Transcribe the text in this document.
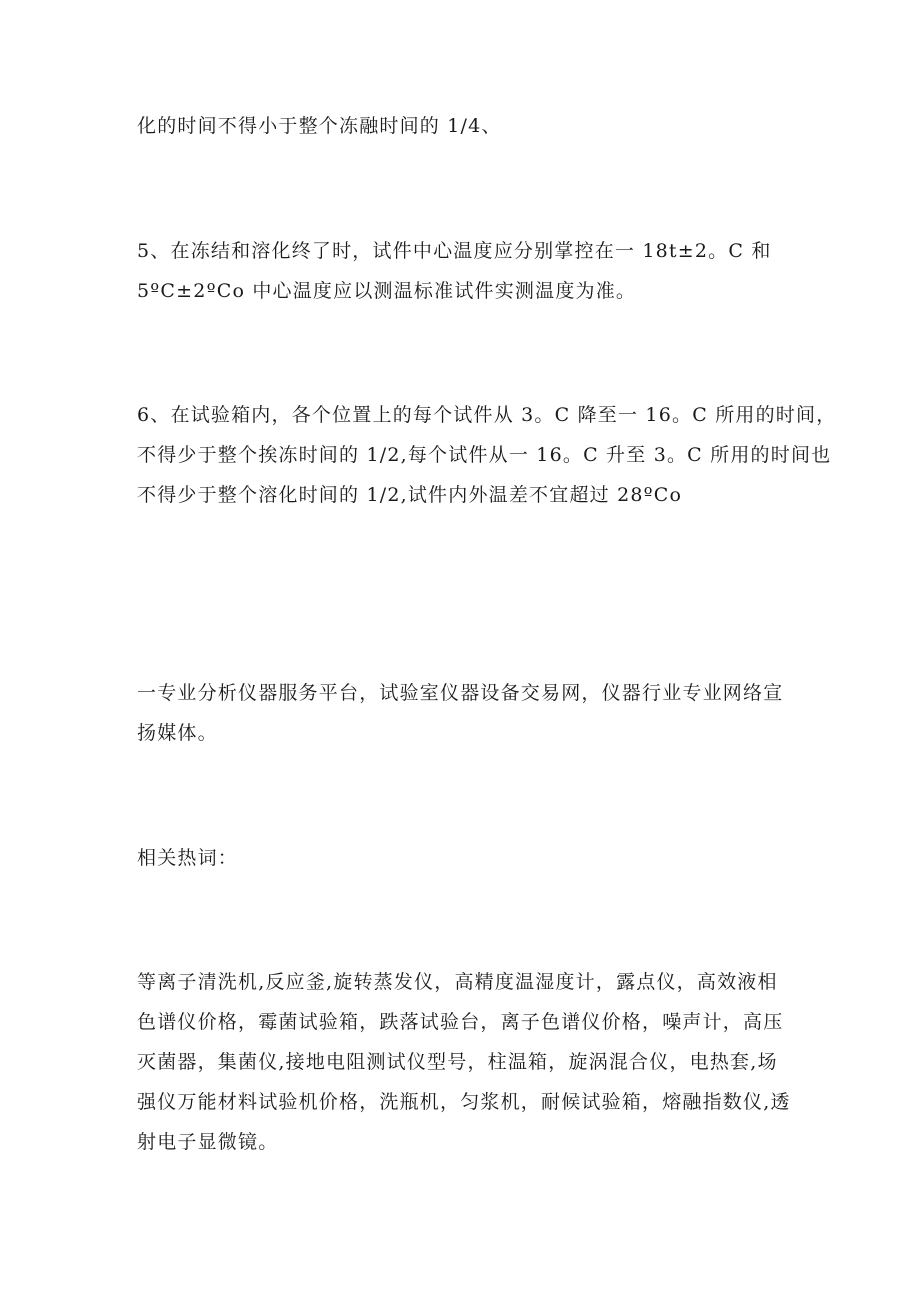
化的时间不得小于整个冻融时间的 1/4、

5、在冻结和溶化终了时，试件中心温度应分别掌控在一 18t±2。C 和
5ºC±2ºCo 中心温度应以测温标准试件实测温度为准。

6、在试验箱内，各个位置上的每个试件从 3。C 降至一 16。C 所用的时间，
不得少于整个挨冻时间的 1/2,每个试件从一 16。C 升至 3。C 所用的时间也
不得少于整个溶化时间的 1/2,试件内外温差不宜超过 28ºCo

一专业分析仪器服务平台，试验室仪器设备交易网，仪器行业专业网络宣
扬媒体。

相关热词：

等离子清洗机,反应釜,旋转蒸发仪，高精度温湿度计，露点仪，高效液相
色谱仪价格，霉菌试验箱，跌落试验台，离子色谱仪价格，噪声计，高压
灭菌器，集菌仪,接地电阻测试仪型号，柱温箱，旋涡混合仪，电热套,场
强仪万能材料试验机价格，洗瓶机，匀浆机，耐候试验箱，熔融指数仪,透
射电子显微镜。
